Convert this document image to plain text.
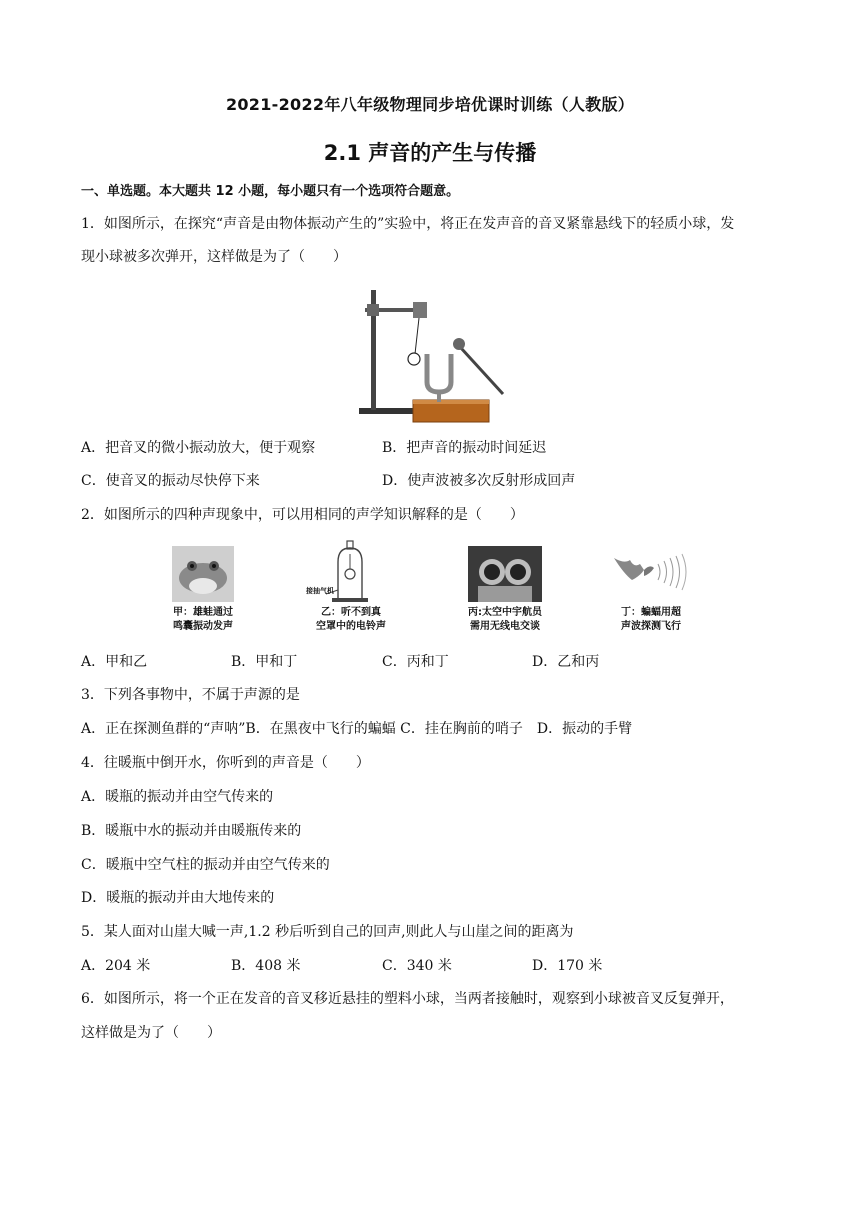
2021-2022年八年级物理同步培优课时训练（人教版）
2.1 声音的产生与传播
一、单选题。本大题共 12 小题，每小题只有一个选项符合题意。
1．如图所示，在探究“声音是由物体振动产生的”实验中，将正在发声音的音叉紧靠悬线下的轻质小球，发
现小球被多次弹开，这样做是为了（　　）
A．把音叉的微小振动放大，便于观察	B．把声音的振动时间延迟
C．使音叉的振动尽快停下来	D．使声波被多次反射形成回声
2．如图所示的四种声现象中，可以用相同的声学知识解释的是（　　）
甲：雄蛙通过
鸣囊振动发声
接抽气机
乙：听不到真
空罩中的电铃声
丙:太空中宇航员
需用无线电交谈
丁：蝙蝠用超
声波探测飞行
A．甲和乙	B．甲和丁	C．丙和丁	D．乙和丙
3．下列各事物中，不属于声源的是
A．正在探测鱼群的“声呐”B．在黑夜中飞行的蝙蝠 C．挂在胸前的哨子　D．振动的手臂
4．往暖瓶中倒开水，你听到的声音是（　　）
A．暖瓶的振动并由空气传来的
B．暖瓶中水的振动并由暖瓶传来的
C．暖瓶中空气柱的振动并由空气传来的
D．暖瓶的振动并由大地传来的
5．某人面对山崖大喊一声,1.2 秒后听到自己的回声,则此人与山崖之间的距离为
A．204 米	B．408 米	C．340 米	D．170 米
6．如图所示，将一个正在发音的音叉移近悬挂的塑料小球，当两者接触时，观察到小球被音叉反复弹开，
这样做是为了（　　）
